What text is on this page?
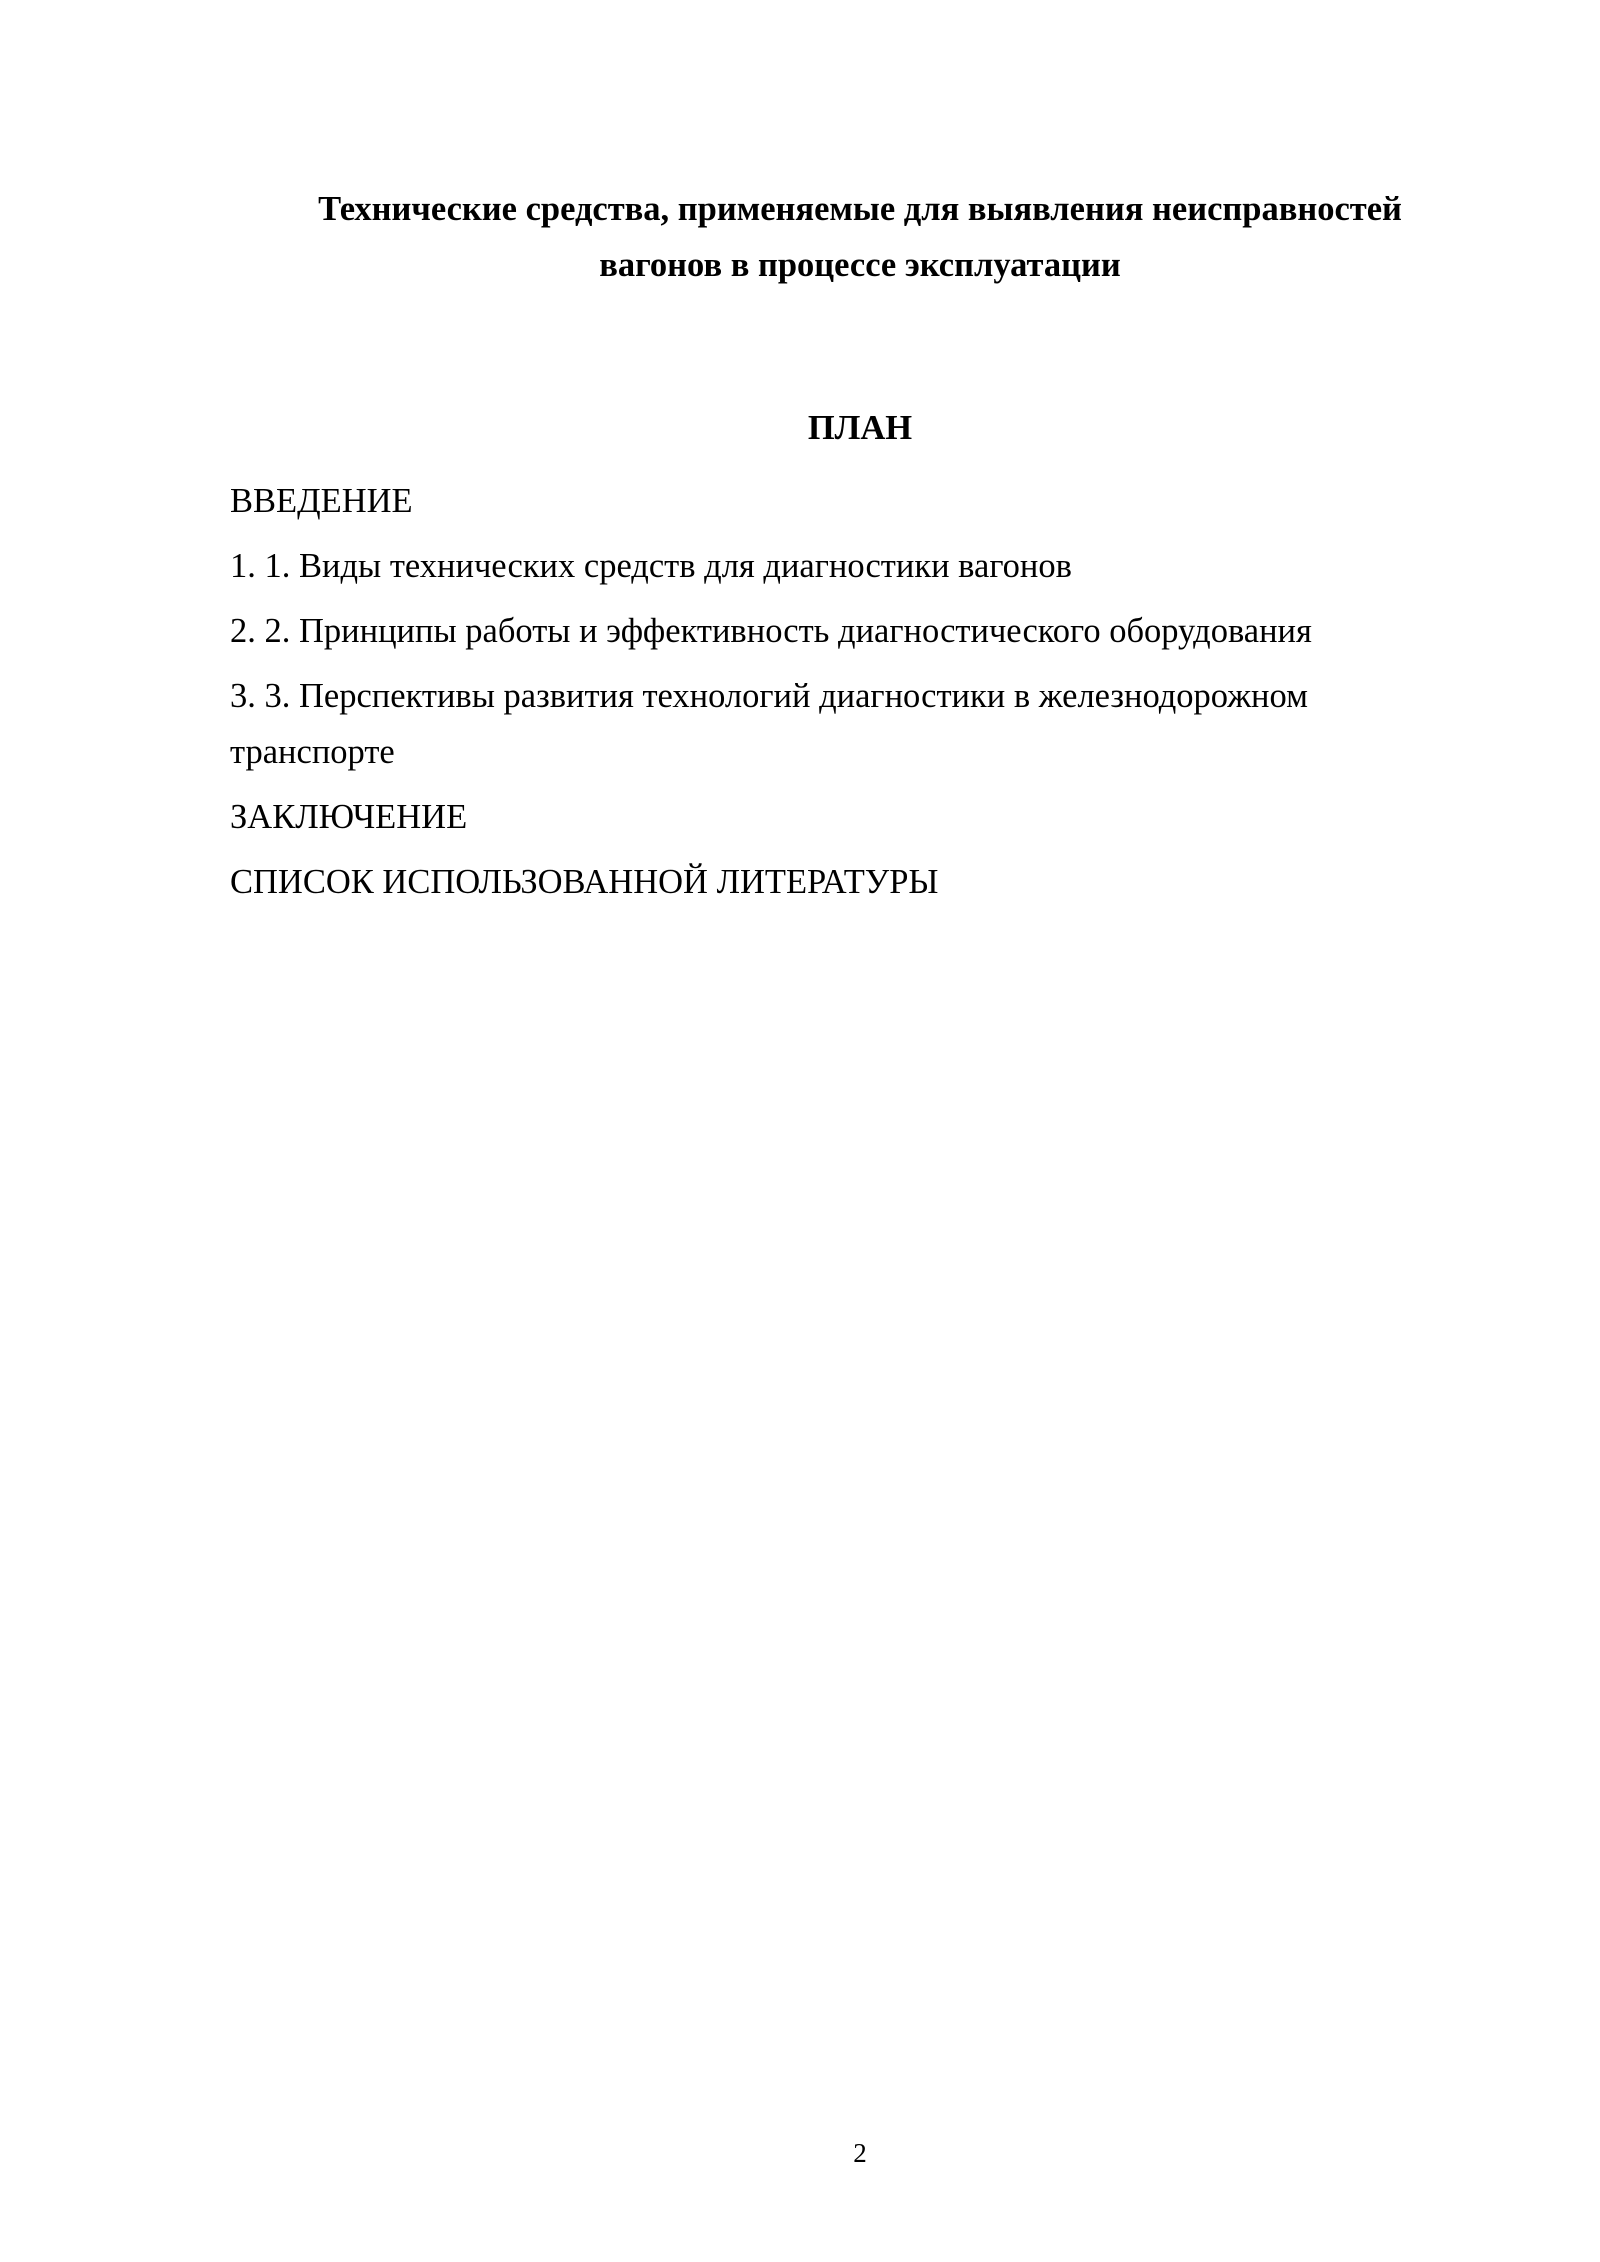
Технические средства, применяемые для выявления неисправностей
вагонов в процессе эксплуатации
ПЛАН
ВВЕДЕНИЕ
1. 1. Виды технических средств для диагностики вагонов
2. 2. Принципы работы и эффективность диагностического оборудования
3. 3. Перспективы развития технологий диагностики в железнодорожном транспорте
ЗАКЛЮЧЕНИЕ
СПИСОК ИСПОЛЬЗОВАННОЙ ЛИТЕРАТУРЫ
2
